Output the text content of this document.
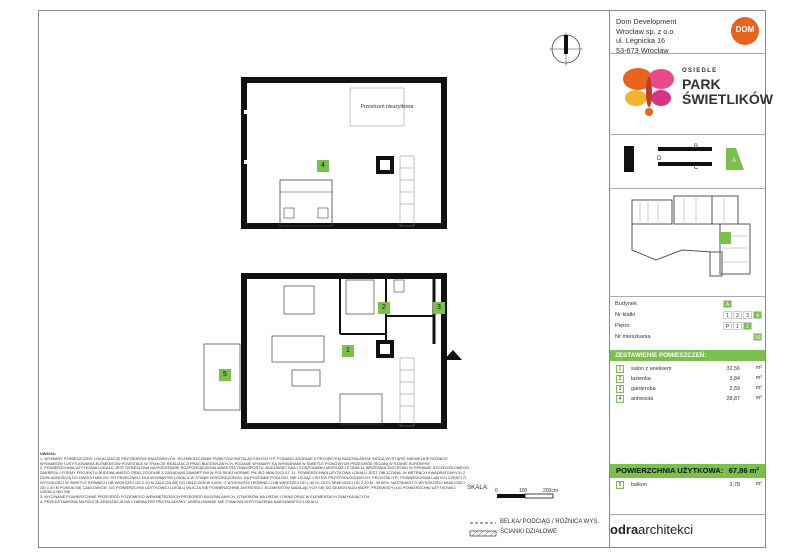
Dom Development
Wrocław sp. z o.o.
ul. Legnicka 16
53-673 Wrocław
DOM
OSIEDLE
PARK
ŚWIETLIKÓW
D
B
C
A
Budynek	A
Nr klatki	1	2	3	4
Piętro	P	1	2
Nr mieszkania	36
ZESTAWIENIE POMIESZCZEŃ:
1	salon z aneksem	32,56	m²
2	łazienka	3,84	m²
3	garderoba	2,59	m²
4	antresola	28,87	m²
POWIERZCHNIA UŻYTKOWA: 67,86 m²
5	balkon	3,78	m²
odraarchitekci
4
1
2	3
5
Przestrzeń nieużytkowa
UWAGA:
1. WYMIARY POMIESZCZEŃ, LOKALIZACJĘ PRZYBORÓW SANITARNYCH, ROZMIESZCZENIE PUNKTÓW INSTALACYJNYCH ITP. PODANO ZGODNIE Z PROJEKTEM BUDOWLANYM. MOGĄ WYSTĄPIĆ NIEWIELKIE RÓŻNICE WYMIARÓW I USYTUOWANIA ELEMENTÓW POWSTAŁE W TRAKCIE REALIZACJI PRAC BUDOWLANYCH. PODANE WYMIARY SĄ WYMIARAMI W ŚWIETLE PIONOWYCH PRZEGRÓD (ŚCIAN) W STANIE SUROWYM
2. POWIERZCHNIA UŻYTKOWA LOKALU JEST OKREŚLONA NA PODSTAWIE ROZPORZĄDZENIA MINISTRA TRANSPORTU, BUDOWNICTWA I GOSPODARKI MORSKIEJ Z DNIA 11 WRZEŚNIA 2020 ROKU W SPRAWIE SZCZEGÓŁOWEGO ZAKRESU I FORMY PROJEKTU BUDOWLANEGO ORAZ ZGODNIE Z ZASADAMI ZAWARTYMI W POLSKIEJ NORMIE PN-ISO 9836:2022-07. 11. POWIERZCHNIA UŻYTKOWA LOKALU JEST OBLICZANA: W METRACH KWADRATOWYCH Z DOKŁADNOŚCIĄ DO DWÓCH MIEJSC PO PRZECINKU, DLA WYMIARÓW LOKALU W STANIE WYKOŃCZONYM, NA POZIOMIE PODŁOGI, NIE LICZĄC LISTEW PRZYPODŁOGOWYCH, PROGÓW ITP.; POWIERZCHNIA LUB ICH CZĘŚCI O WYSOKOŚCI W ŚWIETLE RÓWNEJ LUB WIĘKSZEJ OD 2,20 M ZALICZA SIĘ DO OBLICZEŃ W 100%, O WYSOKOŚCI RÓWNEJ LUB WIĘKSZEJ OD 1,40 M, LECZ MNIEJSZEJ OD 2,20 M - W 50%, NATOMIAST O WYSOKOŚCI MNIEJSZEJ OD 1,40 M POMIJA SIĘ CAŁKOWICIE. DO POWIERZCHNI UŻYTKOWEJ LOKALU WLICZA SIĘ POWIERZCHNIĘ ANTRESOLI. ELEMENTÓW NADAJĄCYCH SIĘ DO DEMONTAŻU (BUFF, PRZEWODY) DO POWIERZCHNI UŻYTKOWEJ LOKALU NIE SIĘ
3. WYCINANE POWIERZCHNIE PRZEGRÓD POZIOMEGO WEWNĘTRZNYCH PRZEGRÓD BUDOWLANYCH, OTWORÓW NA DRZWI I OKNA ORAZ W ELEMENTACH ZAMYKAJĄCYCH
3. PRZEDSTAWIONA NA RZUCIE ARANŻACJA MA CHARAKTER PRZYKŁADOWY, UMEBLOWANIE NIE STANOWI WYPOSAŻENIA NABYWANEGO LOKALU
SKALA: 0	100	200cm
BELKA/ PODCIĄG / RÓŻNICA WYS.
ŚCIANKI DZIAŁOWE
